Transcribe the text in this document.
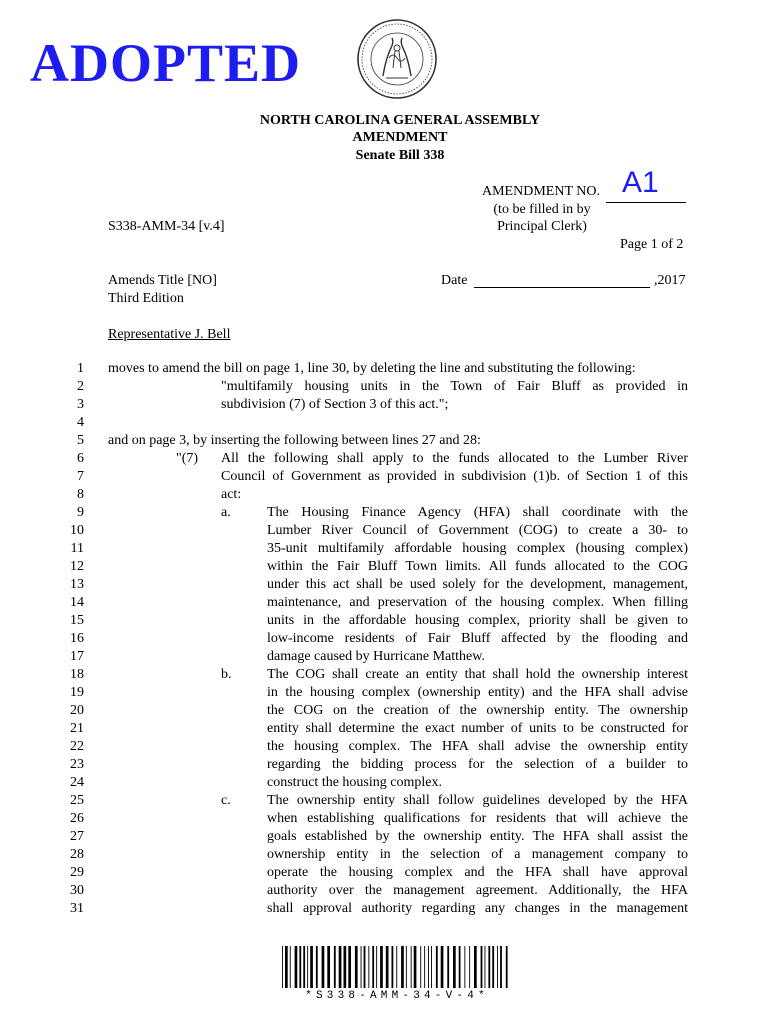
ADOPTED
NORTH CAROLINA GENERAL ASSEMBLY
AMENDMENT
Senate Bill 338
AMENDMENT NO. A1
(to be filled in by
Principal Clerk)
S338-AMM-34 [v.4]
Page 1 of 2
Amends Title [NO]
Third Edition
Date	,2017
Representative J. Bell
1
2
3
4
5
6
7
8
9
10
11
12
13
14
15
16
17
18
19
20
21
22
23
24
25
26
27
28
29
30
31
moves to amend the bill on page 1, line 30, by deleting the line and substituting the following:
"multifamily housing units in the Town of Fair Bluff as provided in
subdivision (7) of Section 3 of this act.";
and on page 3, by inserting the following between lines 27 and 28:
"(7) All the following shall apply to the funds allocated to the Lumber River
Council of Government as provided in subdivision (1)b. of Section 1 of this
act:
a.	The Housing Finance Agency (HFA) shall coordinate with the
Lumber River Council of Government (COG) to create a 30- to
35-unit multifamily affordable housing complex (housing complex)
within the Fair Bluff Town limits. All funds allocated to the COG
under this act shall be used solely for the development, management,
maintenance, and preservation of the housing complex. When filling
units in the affordable housing complex, priority shall be given to
low-income residents of Fair Bluff affected by the flooding and
damage caused by Hurricane Matthew.
b.	The COG shall create an entity that shall hold the ownership interest
in the housing complex (ownership entity) and the HFA shall advise
the COG on the creation of the ownership entity. The ownership
entity shall determine the exact number of units to be constructed for
the housing complex. The HFA shall advise the ownership entity
regarding the bidding process for the selection of a builder to
construct the housing complex.
c.	The ownership entity shall follow guidelines developed by the HFA
when establishing qualifications for residents that will achieve the
goals established by the ownership entity. The HFA shall assist the
ownership entity in the selection of a management company to
operate the housing complex and the HFA shall have approval
authority over the management agreement. Additionally, the HFA
shall approval authority regarding any changes in the management
*S338-AMM-34-V-4*
